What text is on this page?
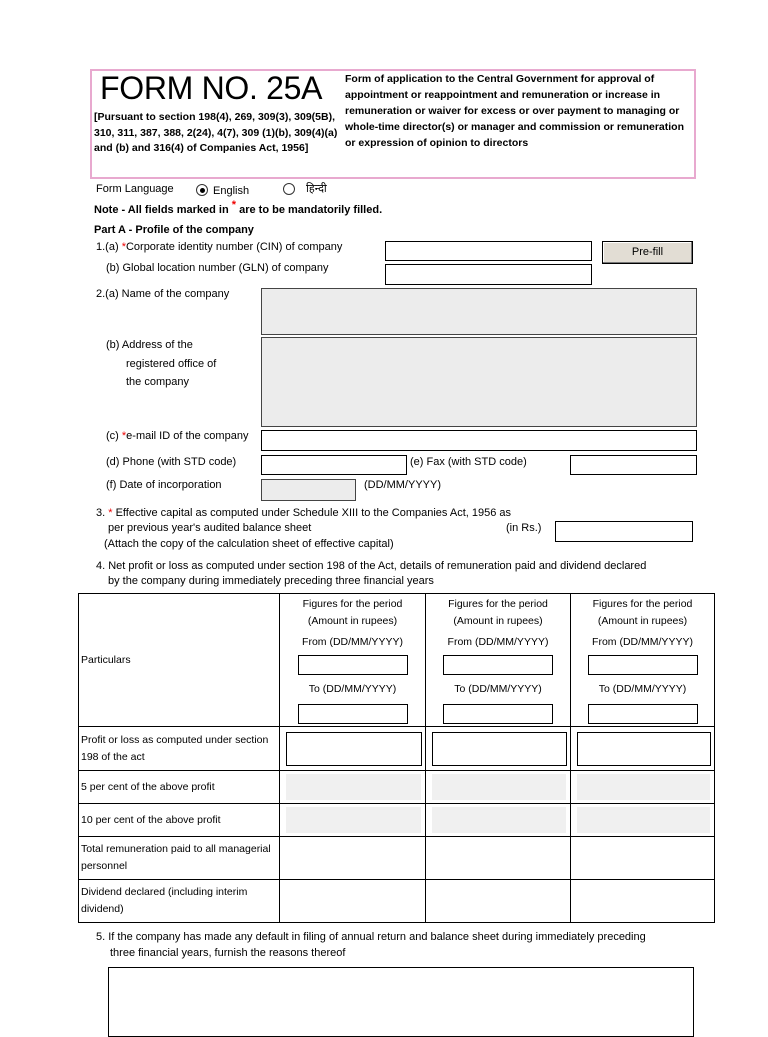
FORM NO. 25A
[Pursuant to section 198(4), 269, 309(3), 309(5B), 310, 311, 387, 388, 2(24), 4(7), 309 (1)(b), 309(4)(a) and (b) and 316(4) of Companies Act, 1956]
Form of application to the Central Government for approval of appointment or reappointment and remuneration or increase in remuneration or waiver for excess or over payment to managing or whole-time director(s) or manager and commission or remuneration or expression of opinion to directors
Form Language	English	हिन्दी
Note - All fields marked in * are to be mandatorily filled.
Part A - Profile of the company
1.(a) *Corporate identity number (CIN) of company	Pre-fill
(b) Global location number (GLN) of company
2.(a) Name of the company
(b) Address of the
registered office of
the company
(c) *e-mail ID of the company
(d) Phone (with STD code)	(e) Fax (with STD code)
(f) Date of incorporation	(DD/MM/YYYY)
3. * Effective capital as computed under Schedule XIII to the Companies Act, 1956 as
per previous year's audited balance sheet	(in Rs.)
(Attach the copy of the calculation sheet of effective capital)
4. Net profit or loss as computed under section 198 of the Act, details of remuneration paid and dividend declared
by the company during immediately preceding three financial years
Particulars	Figures for the period
(Amount in rupees)
From (DD/MM/YYYY)
To (DD/MM/YYYY)	Figures for the period
(Amount in rupees)
From (DD/MM/YYYY)
To (DD/MM/YYYY)	Figures for the period
(Amount in rupees)
From (DD/MM/YYYY)
To (DD/MM/YYYY)

Profit or loss as computed under section 198 of the act	

5 per cent of the above profit	

10 per cent of the above profit	

Total remuneration paid to all managerial personnel			
Dividend declared (including interim dividend)			
5. If the company has made any default in filing of annual return and balance sheet during immediately preceding
three financial years, furnish the reasons thereof
